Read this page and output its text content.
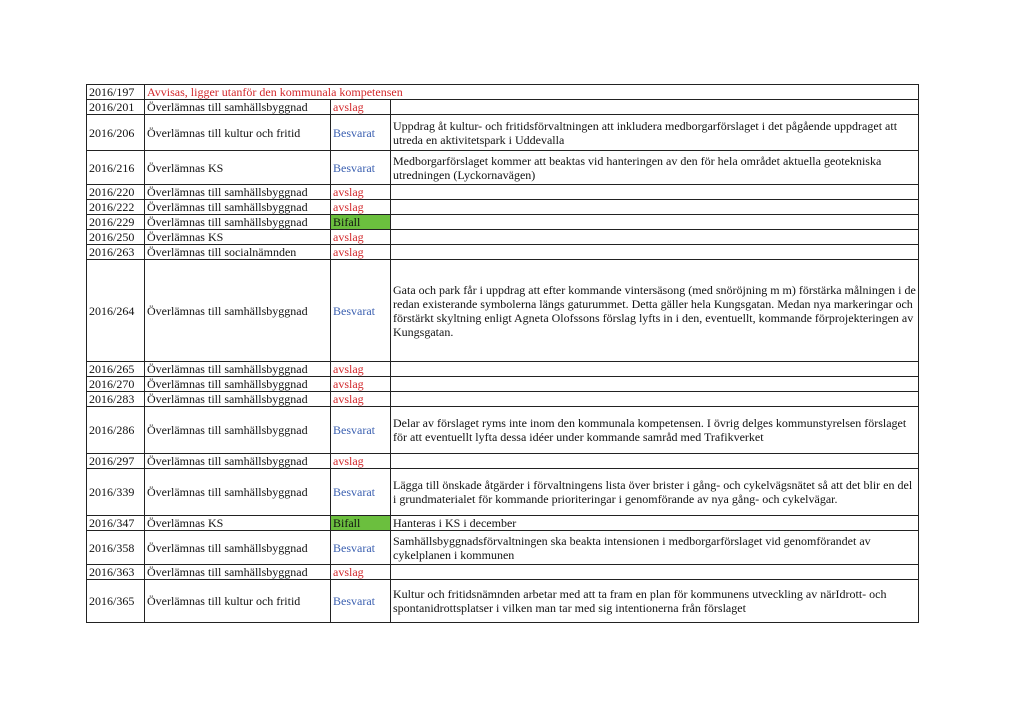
2016/197	Avvisas, ligger utanför den kommunala kompetensen		
2016/201	Överlämnas till samhällsbyggnad	avslag	
2016/206	Överlämnas till kultur och fritid	Besvarat	Uppdrag åt kultur- och fritidsförvaltningen att inkludera medborgarförslaget i det pågående uppdraget att utreda en aktivitetspark i Uddevalla
2016/216	Överlämnas KS	Besvarat	Medborgarförslaget kommer att beaktas vid hanteringen av den för hela området aktuella geotekniska utredningen (Lyckornavägen)
2016/220	Överlämnas till samhällsbyggnad	avslag	
2016/222	Överlämnas till samhällsbyggnad	avslag	
2016/229	Överlämnas till samhällsbyggnad	Bifall	
2016/250	Överlämnas KS	avslag	
2016/263	Överlämnas till socialnämnden	avslag	
2016/264	Överlämnas till samhällsbyggnad	Besvarat	Gata och park får i uppdrag att efter kommande vintersäsong (med snöröjning m m) förstärka målningen i de redan existerande symbolerna längs gaturummet. Detta gäller hela Kungsgatan. Medan nya markeringar och förstärkt skyltning enligt Agneta Olofssons förslag lyfts in i den, eventuellt, kommande förprojekteringen av Kungsgatan.
2016/265	Överlämnas till samhällsbyggnad	avslag	
2016/270	Överlämnas till samhällsbyggnad	avslag	
2016/283	Överlämnas till samhällsbyggnad	avslag	
2016/286	Överlämnas till samhällsbyggnad	Besvarat	Delar av förslaget ryms inte inom den kommunala kompetensen. I övrig delges kommunstyrelsen förslaget för att eventuellt lyfta dessa idéer under kommande samråd med Trafikverket
2016/297	Överlämnas till samhällsbyggnad	avslag	
2016/339	Överlämnas till samhällsbyggnad	Besvarat	Lägga till önskade åtgärder i förvaltningens lista över brister i gång- och cykelvägsnätet så att det blir en del i grundmaterialet för kommande prioriteringar i genomförande av nya gång- och cykelvägar.
2016/347	Överlämnas KS	Bifall	Hanteras i KS i december
2016/358	Överlämnas till samhällsbyggnad	Besvarat	Samhällsbyggnadsförvaltningen ska beakta intensionen i medborgarförslaget vid genomförandet av cykelplanen i kommunen
2016/363	Överlämnas till samhällsbyggnad	avslag	
2016/365	Överlämnas till kultur och fritid	Besvarat	Kultur och fritidsnämnden arbetar med att ta fram en plan för kommunens utveckling av närIdrott- och spontanidrottsplatser i vilken man tar med sig intentionerna från förslaget
